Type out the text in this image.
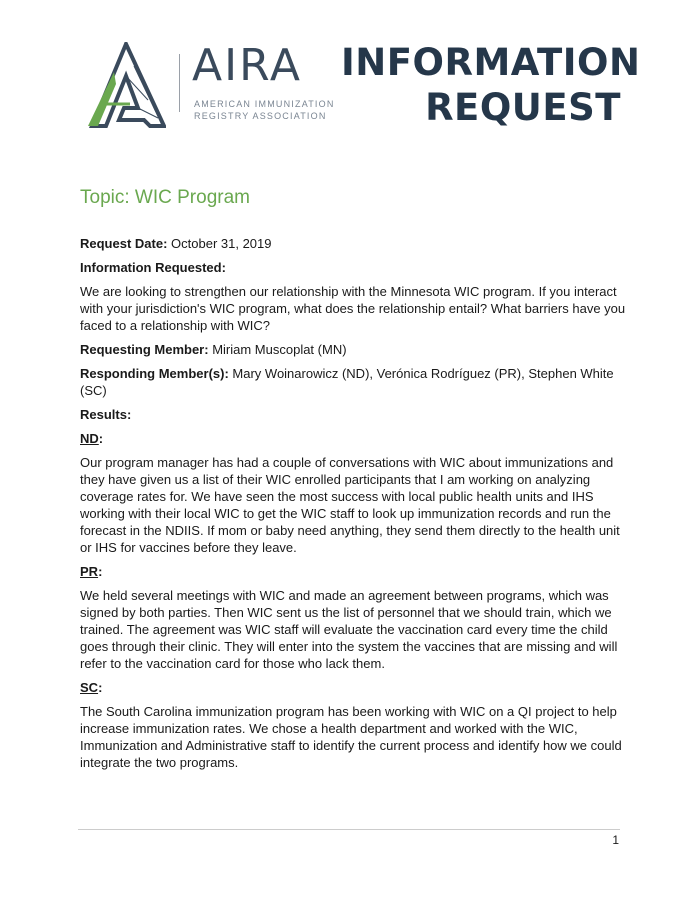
AIRA
AMERICAN IMMUNIZATION
REGISTRY ASSOCIATION
INFORMATION
REQUEST
Topic: WIC Program

Request Date: October 31, 2019

Information Requested:

We are looking to strengthen our relationship with the Minnesota WIC program. If you interact with your jurisdiction's WIC program, what does the relationship entail? What barriers have you faced to a relationship with WIC?

Requesting Member: Miriam Muscoplat (MN)

Responding Member(s): Mary Woinarowicz (ND), Verónica Rodríguez (PR), Stephen White (SC)

Results:

ND:

Our program manager has had a couple of conversations with WIC about immunizations and they have given us a list of their WIC enrolled participants that I am working on analyzing coverage rates for. We have seen the most success with local public health units and IHS working with their local WIC to get the WIC staff to look up immunization records and run the forecast in the NDIIS. If mom or baby need anything, they send them directly to the health unit or IHS for vaccines before they leave.

PR:

We held several meetings with WIC and made an agreement between programs, which was signed by both parties. Then WIC sent us the list of personnel that we should train, which we trained. The agreement was WIC staff will evaluate the vaccination card every time the child goes through their clinic. They will enter into the system the vaccines that are missing and will refer to the vaccination card for those who lack them.

SC:

The South Carolina immunization program has been working with WIC on a QI project to help increase immunization rates. We chose a health department and worked with the WIC, Immunization and Administrative staff to identify the current process and identify how we could integrate the two programs.

1
